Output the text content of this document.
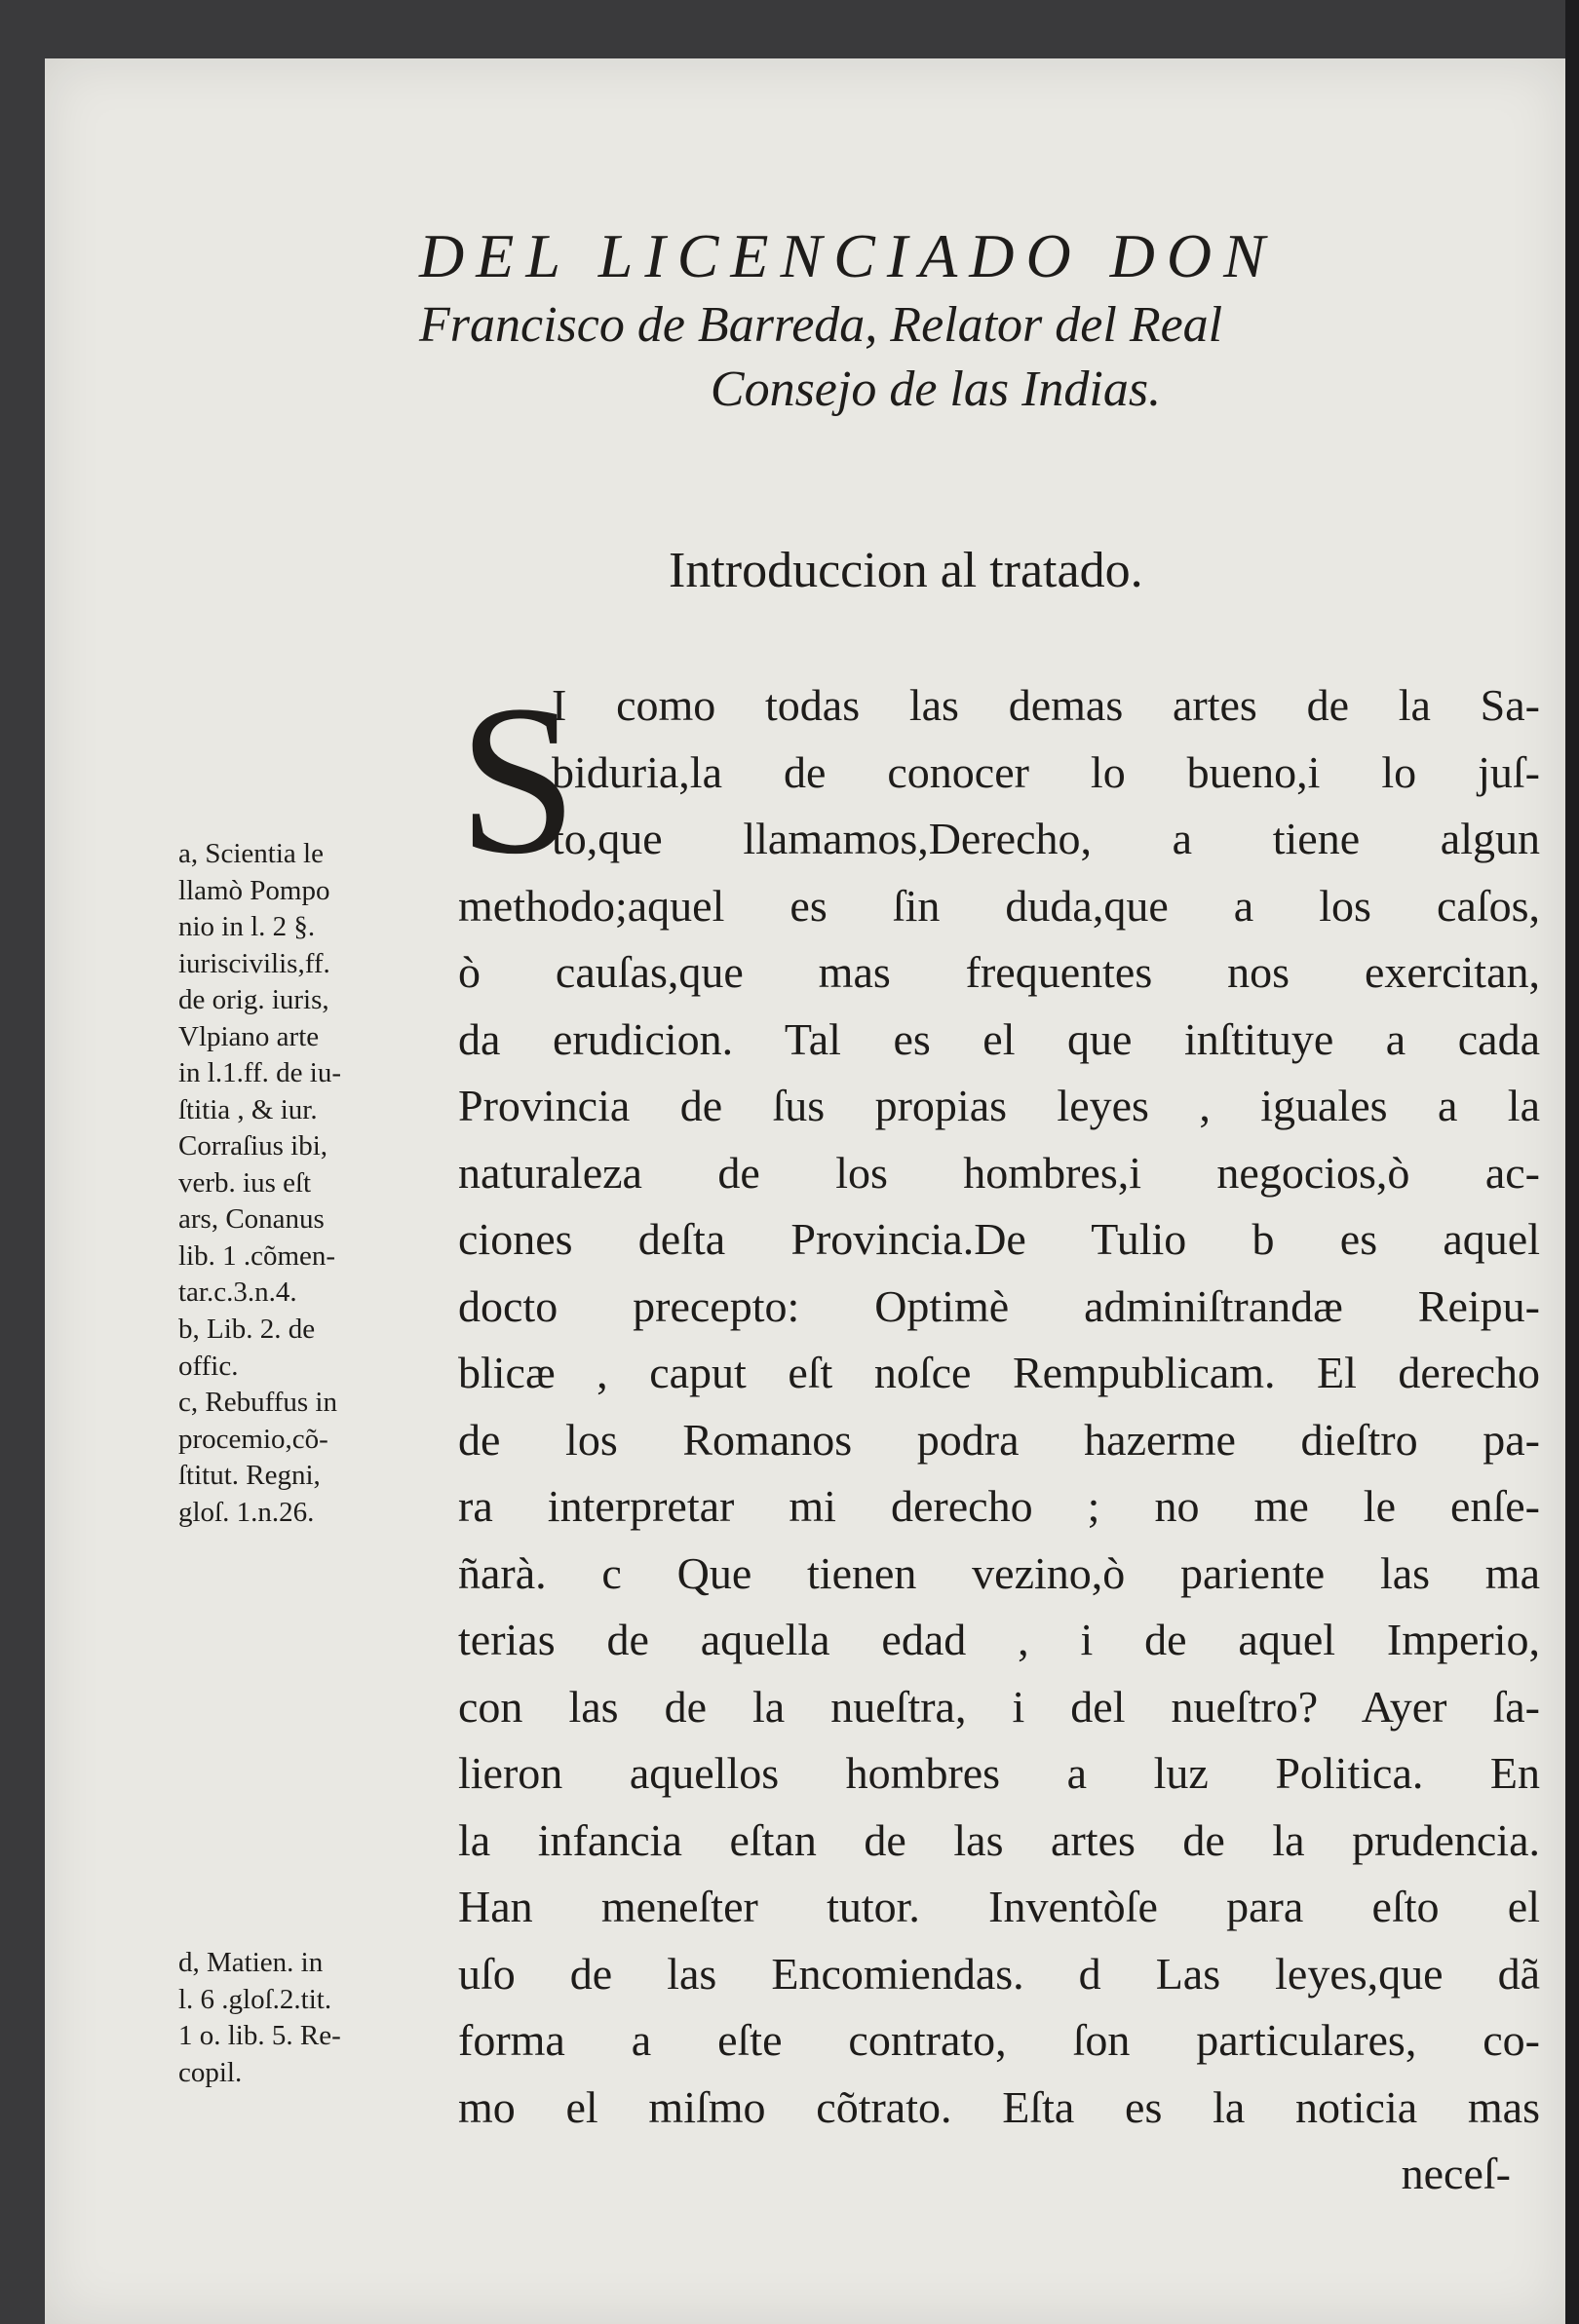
DEL LICENCIADO DON
Francisco de Barreda, Relator del Real
Consejo de las Indias.
Introduccion al tratado.
S
I como todas las demas artes de la Sa-
biduria,la de conocer lo bueno,i lo juſ-
to,que llamamos,Derecho, a tiene algun
methodo;aquel es ſin duda,que a los caſos,
ò cauſas,que mas frequentes nos exercitan,
da erudicion. Tal es el que inſtituye a cada
Provincia de ſus propias leyes , iguales a la
naturaleza de los hombres,i negocios,ò ac-
ciones deſta Provincia.De Tulio b es aquel
docto precepto: Optimè adminiſtrandæ Reipu-
blicæ , caput eſt noſce Rempublicam. El derecho
de los Romanos podra hazerme dieſtro pa-
ra interpretar mi derecho ; no me le enſe-
ñarà. c Que tienen vezino,ò pariente las ma
terias de aquella edad , i de aquel Imperio,
con las de la nueſtra, i del nueſtro? Ayer ſa-
lieron aquellos hombres a luz Politica. En
la infancia eſtan de las artes de la prudencia.
Han meneſter tutor. Inventòſe para eſto el
uſo de las Encomiendas. d Las leyes,que dã
forma a eſte contrato, ſon particulares, co-
mo el miſmo cõtrato. Eſta es la noticia mas
neceſ-
a, Scientia le
llamò Pompo
nio in l. 2 §.
iuriscivilis,ff.
de orig. iuris,
Vlpiano arte
in l.1.ff. de iu-
ſtitia , & iur.
Corraſius ibi,
verb. ius eſt
ars, Conanus
lib. 1 .cõmen-
tar.c.3.n.4.
b, Lib. 2. de
offic.
c, Rebuffus in
procemio,cõ-
ſtitut. Regni,
gloſ. 1.n.26.
d, Matien. in
l. 6 .gloſ.2.tit.
1 o. lib. 5. Re-
copil.
